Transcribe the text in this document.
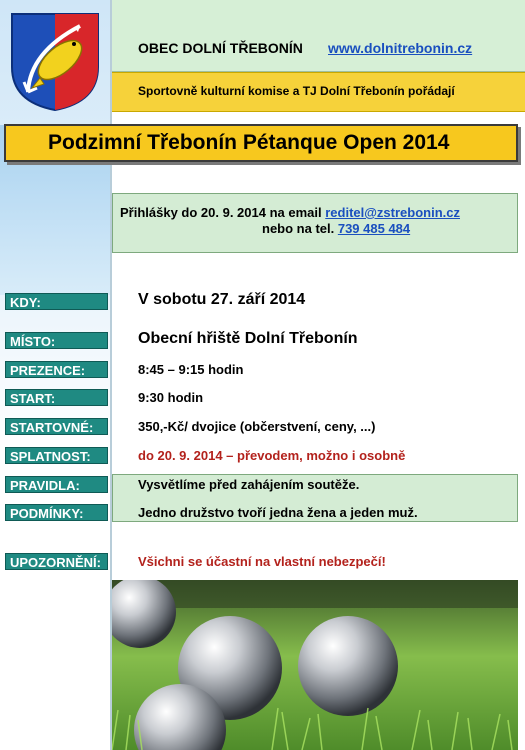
OBEC DOLNÍ TŘEBONÍN www.dolnitrebonin.cz
Sportovně kulturní komise a TJ Dolní Třebonín pořádají
Podzimní Třebonín Pétanque Open 2014
Přihlášky do 20. 9. 2014 na email reditel@zstrebonin.cz
nebo na tel. 739 485 484
KDY:	V sobotu 27. září 2014
MÍSTO:	Obecní hřiště Dolní Třebonín
PREZENCE:	8:45 – 9:15 hodin
START:	9:30 hodin
STARTOVNÉ:	350,-Kč/ dvojice (občerstvení, ceny, ...)
SPLATNOST:	do 20. 9. 2014 – převodem, možno i osobně
PRAVIDLA:	Vysvětlíme před zahájením soutěže.
PODMÍNKY:	Jedno družstvo tvoří jedna žena a jeden muž.
UPOZORNĚNÍ:	Všichni se účastní na vlastní nebezpečí!
